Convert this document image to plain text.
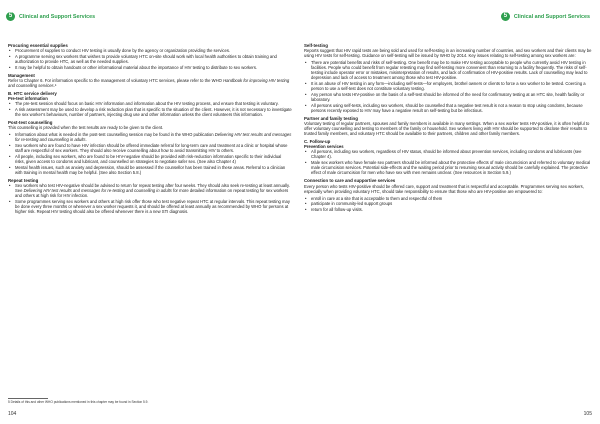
5	Clinical and Support Services
Procuring essential supplies
• Procurement of supplies to conduct HIV testing is usually done by the agency or organization providing the services.
• A programme serving sex workers that wishes to provide voluntary HTC on-site should work with local health authorities to obtain training and authorization to provide HTC, as well as the needed supplies.
• It may be helpful to obtain handouts or other informational material about the importance of HIV testing to distribute to sex workers.
Management

Refer to Chapter 6. For information specific to the management of voluntary HTC services, please refer to the WHO Handbook for improving HIV testing and counselling services.⁵

B. HTC service delivery
Pre-test information
• The pre-test session should focus on basic HIV information and information about the HIV testing process, and ensure that testing is voluntary.
• A risk assessment may be used to develop a risk reduction plan that is specific to the situation of the client. However, it is not necessary to investigate the sex worker’s behaviours, number of partners, injecting drug use and other information unless the client volunteers this information.
Post-test counselling

This counselling is provided when the test results are ready to be given to the client.

• Information about what is needed in the post-test counselling session may be found in the WHO publication Delivering HIV test results and messages for re-testing and counselling in adults.
• Sex workers who are found to have HIV infection should be offered immediate referral for long-term care and treatment at a clinic or hospital whose staff are respectful of sex workers. They should also receive counselling about how to avoid transmitting HIV to others.
• All people, including sex workers, who are found to be HIV-negative should be provided with risk-reduction information specific to their individual risks, given access to condoms and lubricant, and counselled on strategies to negotiate safer sex. (See also Chapter 4)
• Mental health issues, such as anxiety and depression, should be assessed if the counsellor has been trained in these areas. Referral to a clinician with training in mental health may be helpful. (See also Section 5.8.)
Repeat testing
• Sex workers who test HIV-negative should be advised to return for repeat testing after four weeks. They should also seek re-testing at least annually. See Delivering HIV test results and messages for re-testing and counselling in adults for more detailed information on repeat testing for sex workers and others at high risk for HIV infection.
• Some programmes serving sex workers and others at high risk offer those who test negative repeat HTC at regular intervals. This repeat testing may be done every three months or whenever a sex worker requests it, and should be offered at least annually as recommended by WHO for persons at higher risk. Repeat HIV testing should also be offered whenever there is a new STI diagnosis.
5 Details of this and other WHO publications mentioned in this chapter may be found in Section 5.9.
104
5	Clinical and Support Services
Self-testing

Reports suggest that HIV rapid tests are being sold and used for self-testing in an increasing number of countries, and sex workers and their clients may be using HIV tests for self-testing. Guidance on self-testing will be issued by WHO by 2014. Key issues relating to self-testing among sex workers are:

• There are potential benefits and risks of self-testing. One benefit may be to make HIV testing acceptable to people who currently avoid HIV testing in facilities. People who could benefit from regular retesting may find self-testing more convenient than returning to a facility frequently. The risks of self-testing include operator error or mistakes, misinterpretation of results, and lack of confirmation of HIV-positive results. Lack of counselling may lead to depression and lack of access to treatment among those who test HIV-positive.
• It is an abuse of HIV testing in any form—including self-tests—for employers, brothel owners or clients to force a sex worker to be tested. Coercing a person to use a self-test does not constitute voluntary testing.
• Any person who tests HIV-positive on the basis of a self-test should be informed of the need for confirmatory testing at an HTC site, health facility or laboratory.
• All persons using self-tests, including sex workers, should be counselled that a negative test result is not a reason to stop using condoms, because persons recently exposed to HIV may have a negative result on self-testing but be infectious.
Partner and family testing

Voluntary testing of regular partners, spouses and family members is available in many settings. When a sex worker tests HIV-positive, it is often helpful to offer voluntary counselling and testing to members of the family or household. Sex workers living with HIV should be supported to disclose their results to trusted family members, and voluntary HTC should be available to their partners, children and other family members.

C. Follow-up
Prevention services
• All persons, including sex workers, regardless of HIV status, should be informed about prevention services, including condoms and lubricants (see Chapter 4).
• Male sex workers who have female sex partners should be informed about the protective effects of male circumcision and referred to voluntary medical male circumcision services. Potential side-effects and the waiting period prior to resuming sexual activity should be carefully explained. The protective effect of male circumcision for men who have sex with men remains unclear. (See resources in Section 5.9.)
Connection to care and supportive services

Every person who tests HIV-positive should be offered care, support and treatment that is respectful and acceptable. Programmes serving sex workers, especially when providing voluntary HTC, should take responsibility to ensure that those who are HIV-positive are empowered to:

• enroll in care at a site that is acceptable to them and respectful of them
• participate in community-led support groups
• return for all follow-up visits.
105
